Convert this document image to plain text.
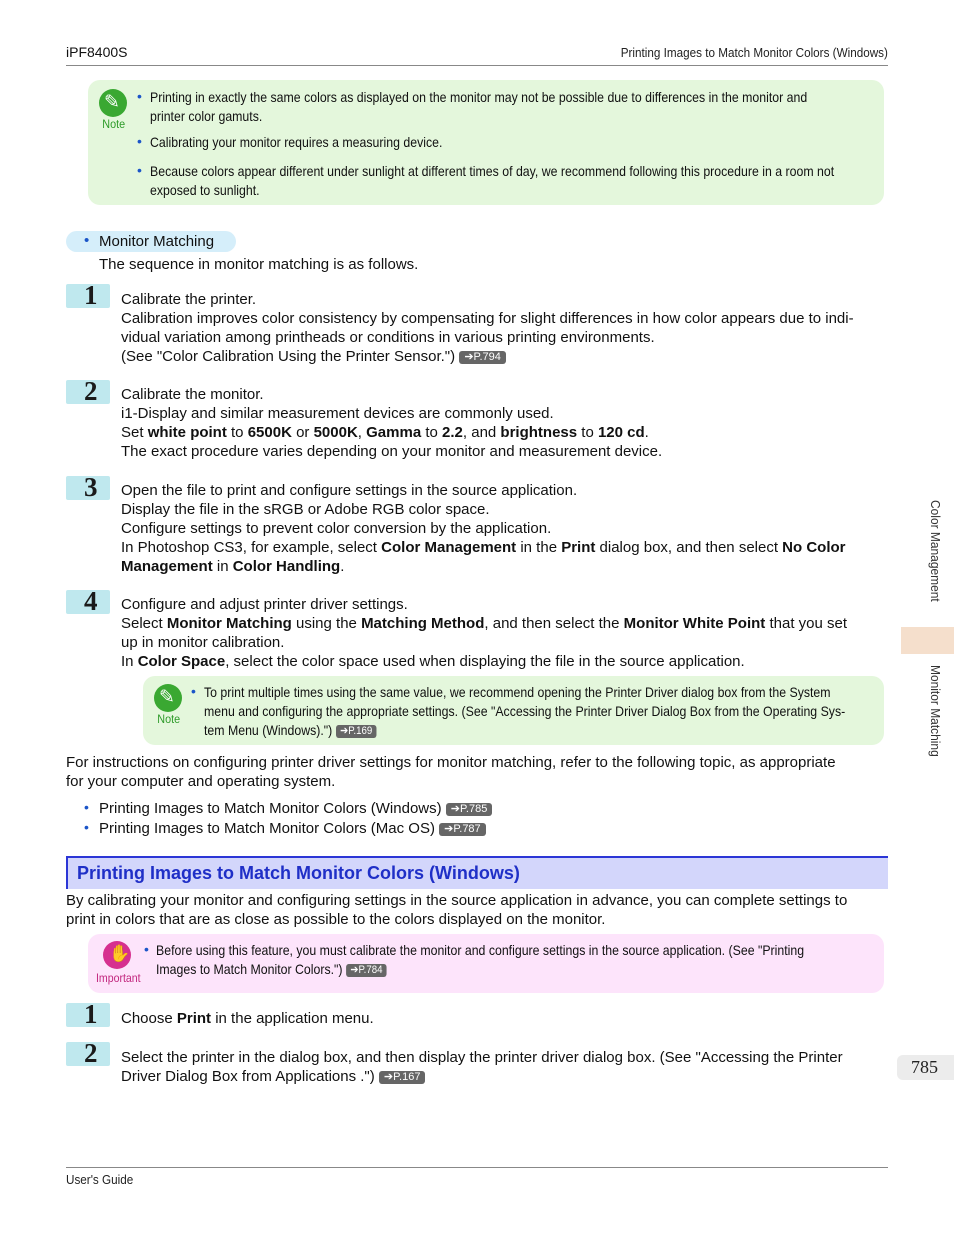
iPF8400S	Printing Images to Match Monitor Colors (Windows)
User's Guide
Color Management
Monitor Matching
785
✎
Note
• Printing in exactly the same colors as displayed on the monitor may not be possible due to differences in the monitor and
printer color gamuts.
• Calibrating your monitor requires a measuring device.
• Because colors appear different under sunlight at different times of day, we recommend following this procedure in a room not
exposed to sunlight.
• Monitor Matching
The sequence in monitor matching is as follows.
1 Calibrate the printer.
Calibration improves color consistency by compensating for slight differences in how color appears due to indi-
vidual variation among printheads or conditions in various printing environments.
(See "Color Calibration Using the Printer Sensor.") ➔P.794
2 Calibrate the monitor.
i1-Display and similar measurement devices are commonly used.
Set white point to 6500K or 5000K, Gamma to 2.2, and brightness to 120 cd.
The exact procedure varies depending on your monitor and measurement device.
3 Open the file to print and configure settings in the source application.
Display the file in the sRGB or Adobe RGB color space.
Configure settings to prevent color conversion by the application.
In Photoshop CS3, for example, select Color Management in the Print dialog box, and then select No Color
Management in Color Handling.
4 Configure and adjust printer driver settings.
Select Monitor Matching using the Matching Method, and then select the Monitor White Point that you set
up in monitor calibration.
In Color Space, select the color space used when displaying the file in the source application.
✎
Note
• To print multiple times using the same value, we recommend opening the Printer Driver dialog box from the System
menu and configuring the appropriate settings. (See "Accessing the Printer Driver Dialog Box from the Operating Sys-
tem Menu (Windows).") ➔P.169
For instructions on configuring printer driver settings for monitor matching, refer to the following topic, as appropriate
for your computer and operating system.
• Printing Images to Match Monitor Colors (Windows) ➔P.785
• Printing Images to Match Monitor Colors (Mac OS) ➔P.787
Printing Images to Match Monitor Colors (Windows)
By calibrating your monitor and configuring settings in the source application in advance, you can complete settings to
print in colors that are as close as possible to the colors displayed on the monitor.
✋
Important
• Before using this feature, you must calibrate the monitor and configure settings in the source application. (See "Printing
Images to Match Monitor Colors.") ➔P.784
1 Choose Print in the application menu.
2 Select the printer in the dialog box, and then display the printer driver dialog box. (See "Accessing the Printer
Driver Dialog Box from Applications .") ➔P.167
